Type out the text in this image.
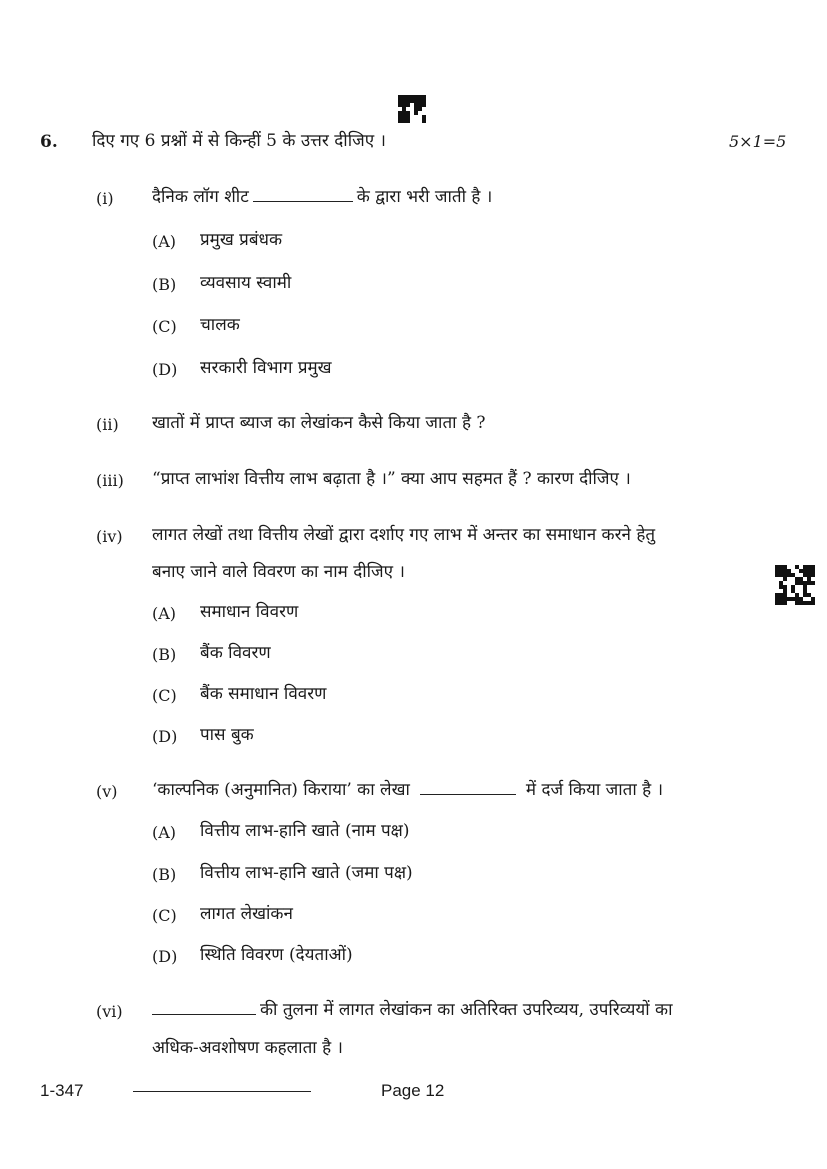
6. दिए गए 6 प्रश्नों में से किन्हीं 5 के उत्तर दीजिए ।	5×1=5
(i) दैनिक लॉग शीट	के द्वारा भरी जाती है ।
(A) प्रमुख प्रबंधक
(B) व्यवसाय स्वामी
(C) चालक
(D) सरकारी विभाग प्रमुख
(ii) खातों में प्राप्त ब्याज का लेखांकन कैसे किया जाता है ?
(iii) “प्राप्त लाभांश वित्तीय लाभ बढ़ाता है ।” क्या आप सहमत हैं ? कारण दीजिए ।
(iv) लागत लेखों तथा वित्तीय लेखों द्वारा दर्शाए गए लाभ में अन्तर का समाधान करने हेतु
बनाए जाने वाले विवरण का नाम दीजिए ।
(A) समाधान विवरण
(B) बैंक विवरण
(C) बैंक समाधान विवरण
(D) पास बुक
(v) ‘काल्पनिक (अनुमानित) किराया’ का लेखा	में दर्ज किया जाता है ।
(A) वित्तीय लाभ-हानि खाते (नाम पक्ष)
(B) वित्तीय लाभ-हानि खाते (जमा पक्ष)
(C) लागत लेखांकन
(D) स्थिति विवरण (देयताओं)
(vi)	की तुलना में लागत लेखांकन का अतिरिक्त उपरिव्यय, उपरिव्ययों का
अधिक-अवशोषण कहलाता है ।
1-347	Page 12
